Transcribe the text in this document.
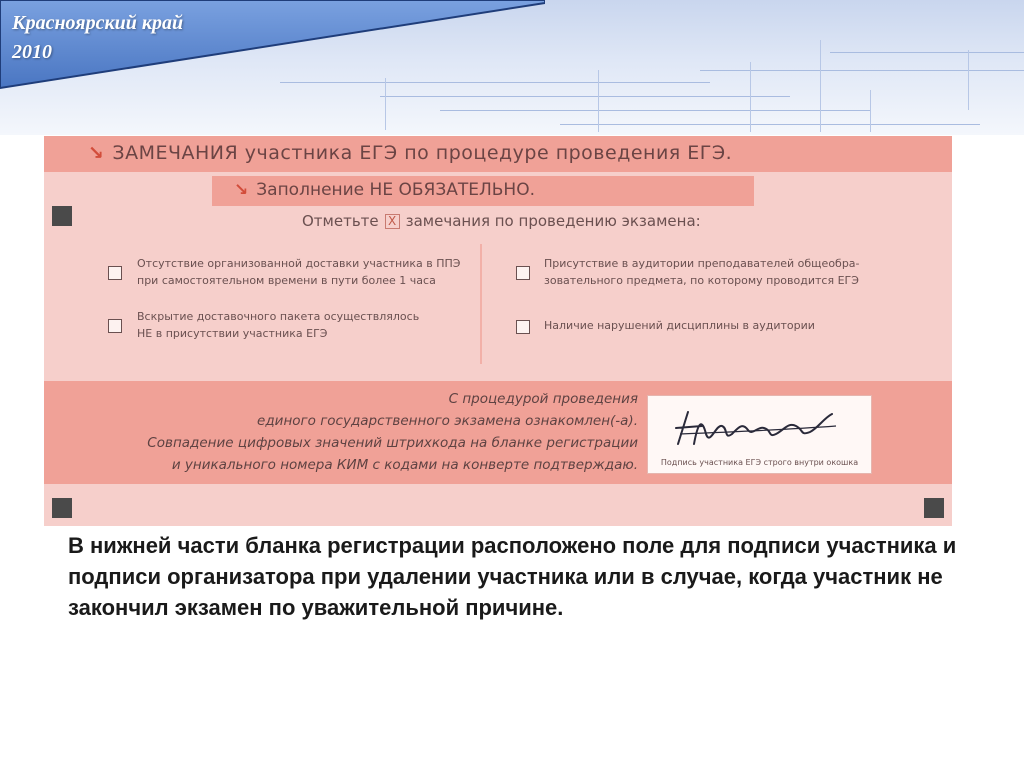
Красноярский край
2010
↘ ЗАМЕЧАНИЯ участника ЕГЭ по процедуре проведения ЕГЭ.
↘ Заполнение НЕ ОБЯЗАТЕЛЬНО.
Отметьте X замечания по проведению экзамена:
Отсутствие организованной доставки участника в ППЭ
при самостоятельном времени в пути более 1 часа
Вскрытие доставочного пакета осуществлялось
НЕ в присутствии участника ЕГЭ
Присутствие в аудитории преподавателей общеобра-
зовательного предмета, по которому проводится ЕГЭ
Наличие нарушений дисциплины в аудитории
С процедурой проведения
единого государственного экзамена ознакомлен(-а).
Совпадение цифровых значений штрихкода на бланке регистрации
и уникального номера КИМ с кодами на конверте подтверждаю.	Подпись участника ЕГЭ строго внутри окошка

В нижней части бланка регистрации расположено поле для подписи участника и подписи организатора при удалении участника или в случае, когда участник не закончил экзамен по уважительной причине.
